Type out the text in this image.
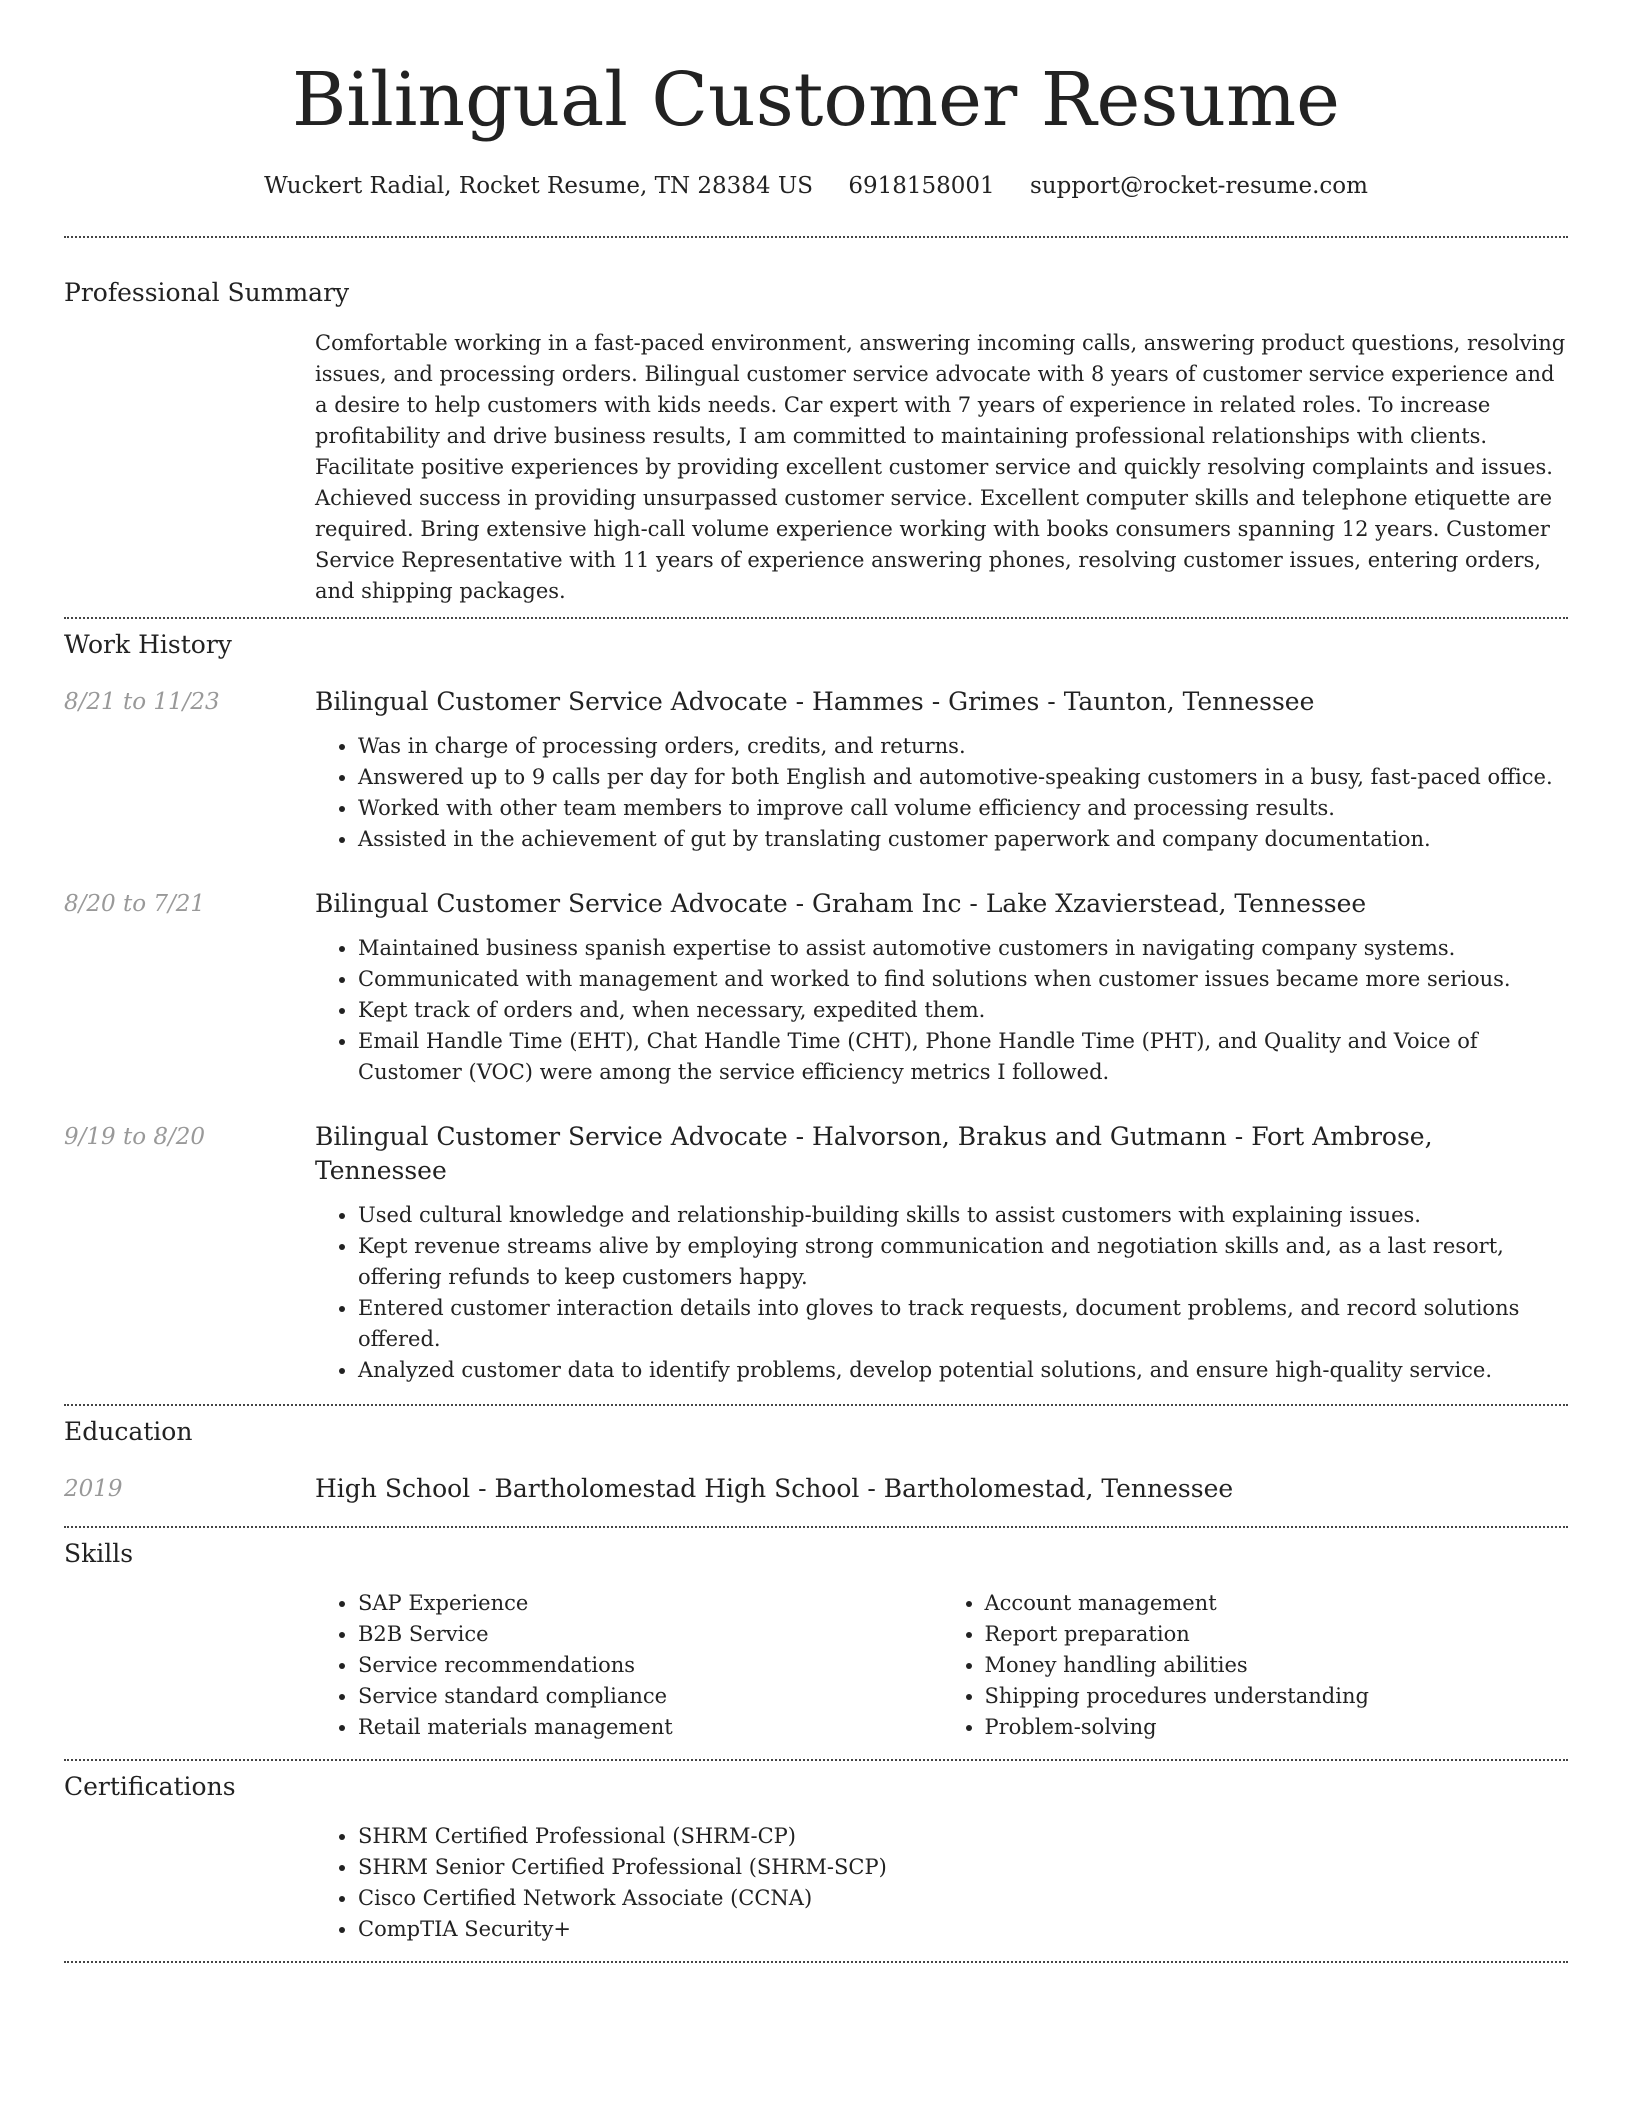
Bilingual Customer Resume
Wuckert Radial, Rocket Resume, TN 28384 US 6918158001 support@rocket-resume.com
Professional Summary

Comfortable working in a fast-paced environment, answering incoming calls, answering product questions, resolving issues, and processing orders. Bilingual customer service advocate with 8 years of customer service experience and a desire to help customers with kids needs. Car expert with 7 years of experience in related roles. To increase profitability and drive business results, I am committed to maintaining professional relationships with clients. Facilitate positive experiences by providing excellent customer service and quickly resolving complaints and issues. Achieved success in providing unsurpassed customer service. Excellent computer skills and telephone etiquette are required. Bring extensive high-call volume experience working with books consumers spanning 12 years. Customer Service Representative with 11 years of experience answering phones, resolving customer issues, entering orders, and shipping packages.

Work History
8/21 to 11/23	Bilingual Customer Service Advocate - Hammes - Grimes - Taunton, Tennessee
• Was in charge of processing orders, credits, and returns.
• Answered up to 9 calls per day for both English and automotive-speaking customers in a busy, fast-paced office.
• Worked with other team members to improve call volume efficiency and processing results.
• Assisted in the achievement of gut by translating customer paperwork and company documentation.
8/20 to 7/21	Bilingual Customer Service Advocate - Graham Inc - Lake Xzavierstead, Tennessee
• Maintained business spanish expertise to assist automotive customers in navigating company systems.
• Communicated with management and worked to find solutions when customer issues became more serious.
• Kept track of orders and, when necessary, expedited them.
• Email Handle Time (EHT), Chat Handle Time (CHT), Phone Handle Time (PHT), and Quality and Voice of Customer (VOC) were among the service efficiency metrics I followed.
9/19 to 8/20	Bilingual Customer Service Advocate - Halvorson, Brakus and Gutmann - Fort Ambrose, Tennessee
• Used cultural knowledge and relationship-building skills to assist customers with explaining issues.
• Kept revenue streams alive by employing strong communication and negotiation skills and, as a last resort, offering refunds to keep customers happy.
• Entered customer interaction details into gloves to track requests, document problems, and record solutions offered.
• Analyzed customer data to identify problems, develop potential solutions, and ensure high-quality service.
Education
2019	High School - Bartholomestad High School - Bartholomestad, Tennessee
Skills
• SAP Experience
• B2B Service
• Service recommendations
• Service standard compliance
• Retail materials management
• Account management
• Report preparation
• Money handling abilities
• Shipping procedures understanding
• Problem-solving
Certifications
• SHRM Certified Professional (SHRM-CP)
• SHRM Senior Certified Professional (SHRM-SCP)
• Cisco Certified Network Associate (CCNA)
• CompTIA Security+
